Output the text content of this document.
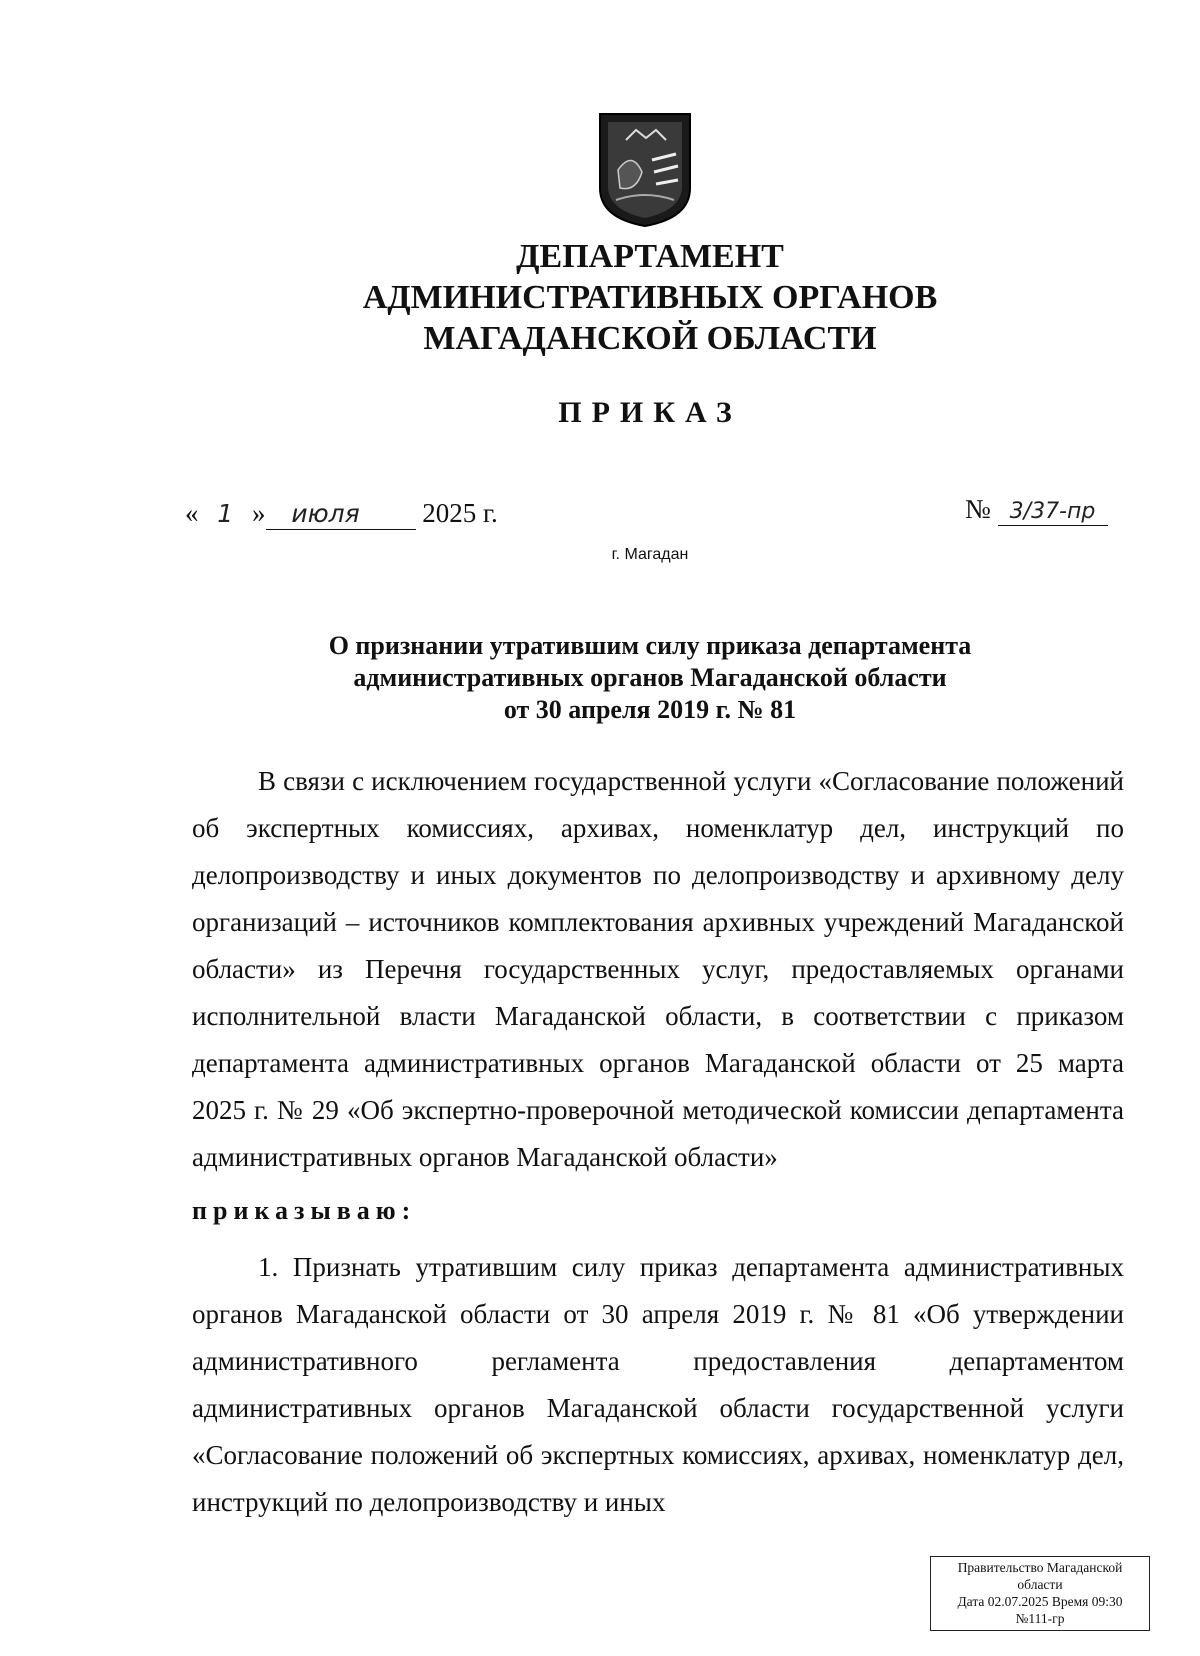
ДЕПАРТАМЕНТ
АДМИНИСТРАТИВНЫХ ОРГАНОВ
МАГАДАНСКОЙ ОБЛАСТИ
ПРИКАЗ
« 1 » июля 2025 г.	№ 3/37-пр
г. Магадан
О признании утратившим силу приказа департамента
административных органов Магаданской области
от 30 апреля 2019 г. № 81
В связи с исключением государственной услуги «Согласование положений об экспертных комиссиях, архивах, номенклатур дел, инструкций по делопроизводству и иных документов по делопроизводству и архивному делу организаций – источников комплектования архивных учреждений Магаданской области» из Перечня государственных услуг, предоставляемых органами исполнительной власти Магаданской области, в соответствии с приказом департамента административных органов Магаданской области от 25 марта 2025 г. № 29 «Об экспертно-проверочной методической комиссии департамента административных органов Магаданской области»
приказываю:
1. Признать утратившим силу приказ департамента административных органов Магаданской области от 30 апреля 2019 г. № 81 «Об утверждении административного регламента предоставления департаментом административных органов Магаданской области государственной услуги «Согласование положений об экспертных комиссиях, архивах, номенклатур дел, инструкций по делопроизводству и иных
Правительство Магаданской
области
Дата 02.07.2025 Время 09:30
№111-гр
